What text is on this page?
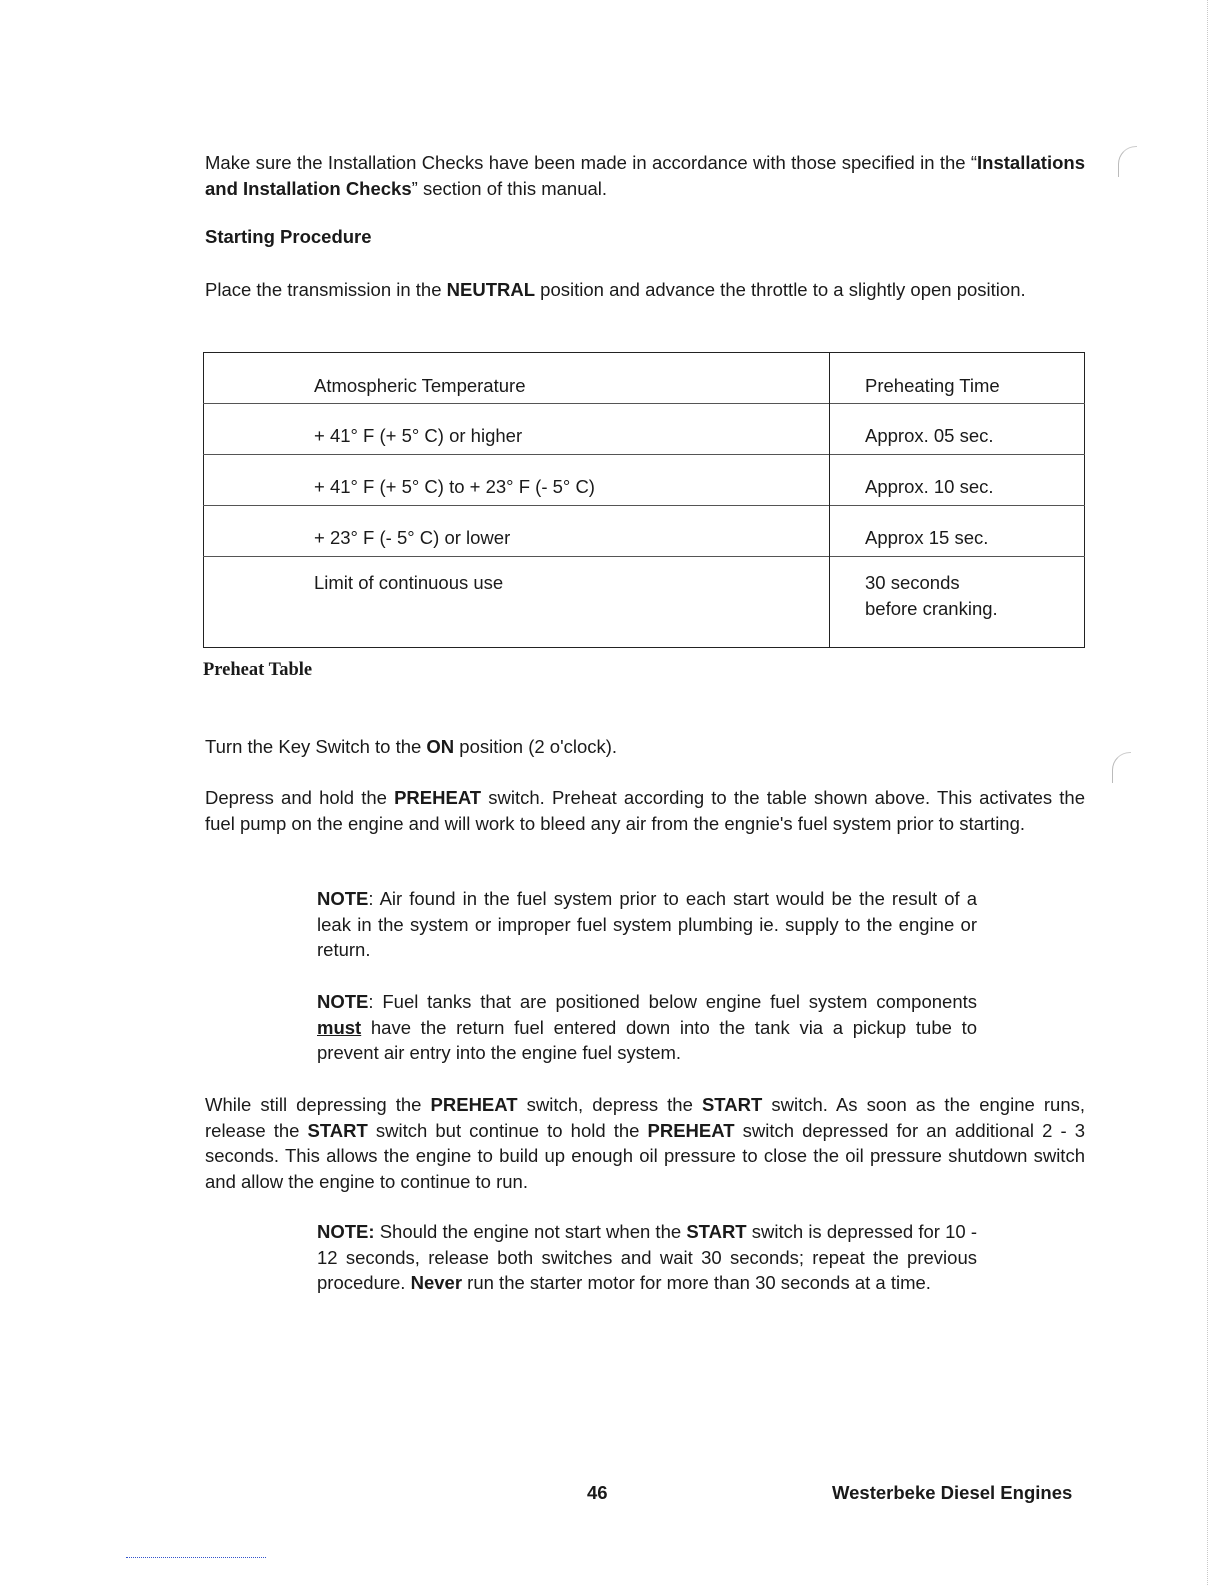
Make sure the Installation Checks have been made in accordance with those specified in the “Installations and Installation Checks” section of this manual.

Starting Procedure

Place the transmission in the NEUTRAL position and advance the throttle to a slightly open position.

Atmospheric Temperature	Preheating Time
+ 41° F (+ 5° C) or higher	Approx. 05 sec.
+ 41° F (+ 5° C) to + 23° F (- 5° C)	Approx. 10 sec.
+ 23° F (- 5° C) or lower	Approx 15 sec.
Limit of continuous use	30 seconds
before cranking.

Preheat Table

Turn the Key Switch to the ON position (2 o'clock).

Depress and hold the PREHEAT switch. Preheat according to the table shown above. This activates the fuel pump on the engine and will work to bleed any air from the engnie's fuel system prior to starting.

NOTE: Air found in the fuel system prior to each start would be the result of a leak in the system or improper fuel system plumbing ie. supply to the engine or return.

NOTE: Fuel tanks that are positioned below engine fuel system components must have the return fuel entered down into the tank via a pickup tube to prevent air entry into the engine fuel system.

While still depressing the PREHEAT switch, depress the START switch. As soon as the engine runs, release the START switch but continue to hold the PREHEAT switch depressed for an additional 2 - 3 seconds. This allows the engine to build up enough oil pressure to close the oil pressure shutdown switch and allow the engine to continue to run.

NOTE: Should the engine not start when the START switch is depressed for 10 - 12 seconds, release both switches and wait 30 seconds; repeat the previous procedure. Never run the starter motor for more than 30 seconds at a time.

46	Westerbeke Diesel Engines
